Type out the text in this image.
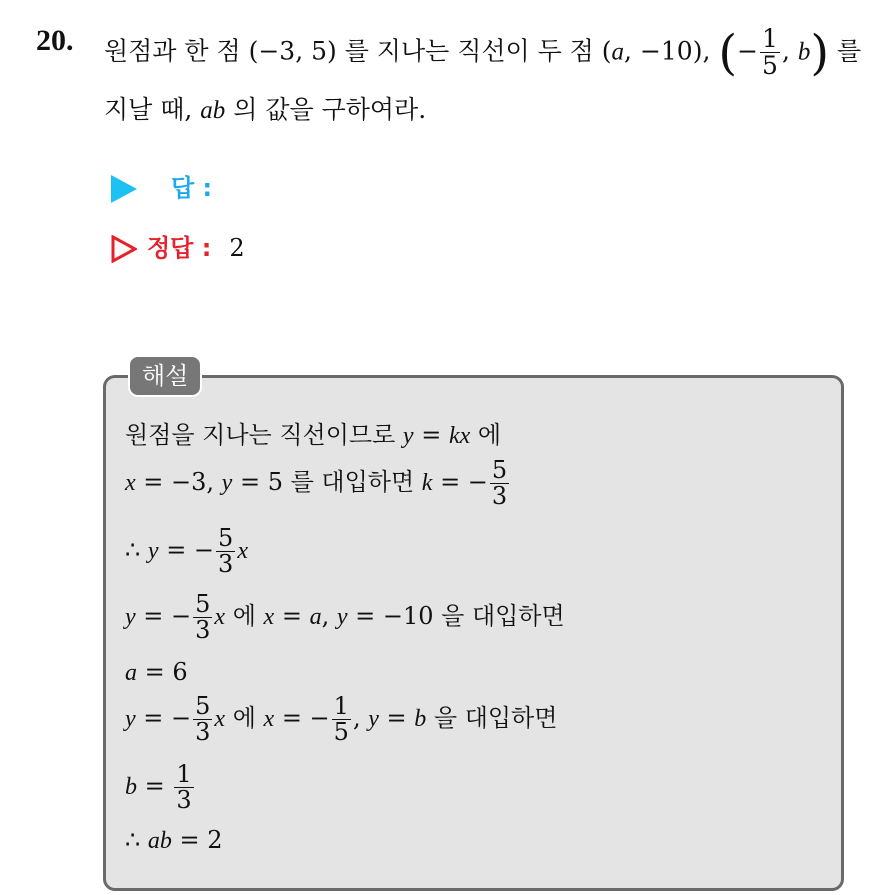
20. 원점과 한 점 (−3, 5) 를 지나는 직선이 두 점 (a, −10), (− $\frac{1}{5}$ , b) 를
지날 때, ab 의 값을 구하여라.
답 :
정답 : 2
해설
원점을 지나는 직선이므로 y = kx 에
x = −3, y = 5 를 대입하면 k = − $\frac{5}{3}$
∴ y = − $\frac{5}{3}$ x
y = − $\frac{5}{3}$ x 에 x = a, y = −10 을 대입하면
a = 6
y = − $\frac{5}{3}$ x 에 x = − $\frac{1}{5}$ , y = b 을 대입하면
$b = \frac{1}{3}$
∴ ab = 2
